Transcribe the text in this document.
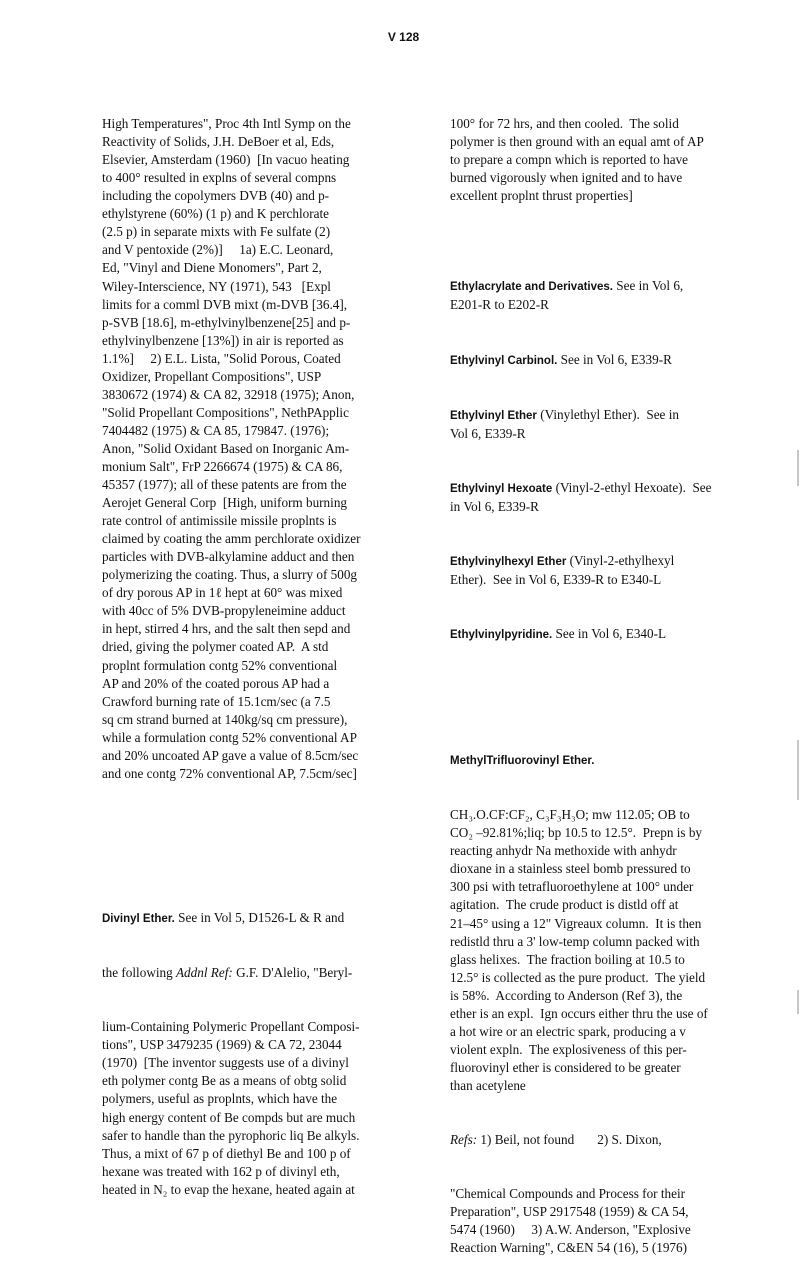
V 128

High Temperatures", Proc 4th Intl Symp on the
Reactivity of Solids, J.H. DeBoer et al, Eds,
Elsevier, Amsterdam (1960)  [In vacuo heating
to 400° resulted in explns of several compns
including the copolymers DVB (40) and p-
ethylstyrene (60%) (1 p) and K perchlorate
(2.5 p) in separate mixts with Fe sulfate (2)
and V pentoxide (2%)]     1a) E.C. Leonard,
Ed, "Vinyl and Diene Monomers", Part 2,
Wiley-Interscience, NY (1971), 543   [Expl
limits for a comml DVB mixt (m-DVB [36.4],
p-SVB [18.6], m-ethylvinylbenzene[25] and p-
ethylvinylbenzene [13%]) in air is reported as
1.1%]     2) E.L. Lista, "Solid Porous, Coated
Oxidizer, Propellant Compositions", USP
3830672 (1974) & CA 82, 32918 (1975); Anon,
"Solid Propellant Compositions", NethPApplic
7404482 (1975) & CA 85, 179847. (1976);
Anon, "Solid Oxidant Based on Inorganic Am-
monium Salt", FrP 2266674 (1975) & CA 86,
45357 (1977); all of these patents are from the
Aerojet General Corp  [High, uniform burning
rate control of antimissile missile proplnts is
claimed by coating the amm perchlorate oxidizer
particles with DVB-alkylamine adduct and then
polymerizing the coating. Thus, a slurry of 500g
of dry porous AP in 1ℓ hept at 60° was mixed
with 40cc of 5% DVB-propyleneimine adduct
in hept, stirred 4 hrs, and the salt then sepd and
dried, giving the polymer coated AP.  A std
proplnt formulation contg 52% conventional
AP and 20% of the coated porous AP had a
Crawford burning rate of 15.1cm/sec (a 7.5
sq cm strand burned at 140kg/sq cm pressure),
while a formulation contg 52% conventional AP
and 20% uncoated AP gave a value of 8.5cm/sec
and one contg 72% conventional AP, 7.5cm/sec]

Divinyl Ether. See in Vol 5, D1526-L & R and

the following Addnl Ref: G.F. D'Alelio, "Beryl-

lium-Containing Polymeric Propellant Composi-
tions", USP 3479235 (1969) & CA 72, 23044
(1970)  [The inventor suggests use of a divinyl
eth polymer contg Be as a means of obtg solid
polymers, useful as proplnts, which have the
high energy content of Be compds but are much
safer to handle than the pyrophoric liq Be alkyls.
Thus, a mixt of 67 p of diethyl Be and 100 p of
hexane was treated with 162 p of divinyl eth,
heated in N₂ to evap the hexane, heated again at

100° for 72 hrs, and then cooled.  The solid
polymer is then ground with an equal amt of AP
to prepare a compn which is reported to have
burned vigorously when ignited and to have
excellent proplnt thrust properties]

Ethylacrylate and Derivatives. See in Vol 6,
E201-R to E202-R
Ethylvinyl Carbinol. See in Vol 6, E339-R
Ethylvinyl Ether (Vinylethyl Ether).  See in
Vol 6, E339-R
Ethylvinyl Hexoate (Vinyl-2-ethyl Hexoate).  See
in Vol 6, E339-R
Ethylvinylhexyl Ether (Vinyl-2-ethylhexyl
Ether).  See in Vol 6, E339-R to E340-L
Ethylvinylpyridine. See in Vol 6, E340-L

MethylTrifluorovinyl Ether.

CH₃.O.CF:CF₂, C₃F₃H₃O; mw 112.05; OB to
CO₂ –92.81%;liq; bp 10.5 to 12.5°.  Prepn is by
reacting anhydr Na methoxide with anhydr
dioxane in a stainless steel bomb pressured to
300 psi with tetrafluoroethylene at 100° under
agitation.  The crude product is distld off at
21–45° using a 12" Vigreaux column.  It is then
redistld thru a 3' low-temp column packed with
glass helixes.  The fraction boiling at 10.5 to
12.5° is collected as the pure product.  The yield
is 58%.  According to Anderson (Ref 3), the
ether is an expl.  Ign occurs either thru the use of
a hot wire or an electric spark, producing a v
violent expln.  The explosiveness of this per-
fluorovinyl ether is considered to be greater
than acetylene

Refs: 1) Beil, not found       2) S. Dixon,

"Chemical Compounds and Process for their
Preparation", USP 2917548 (1959) & CA 54,
5474 (1960)     3) A.W. Anderson, "Explosive
Reaction Warning", C&EN 54 (16), 5 (1976)
